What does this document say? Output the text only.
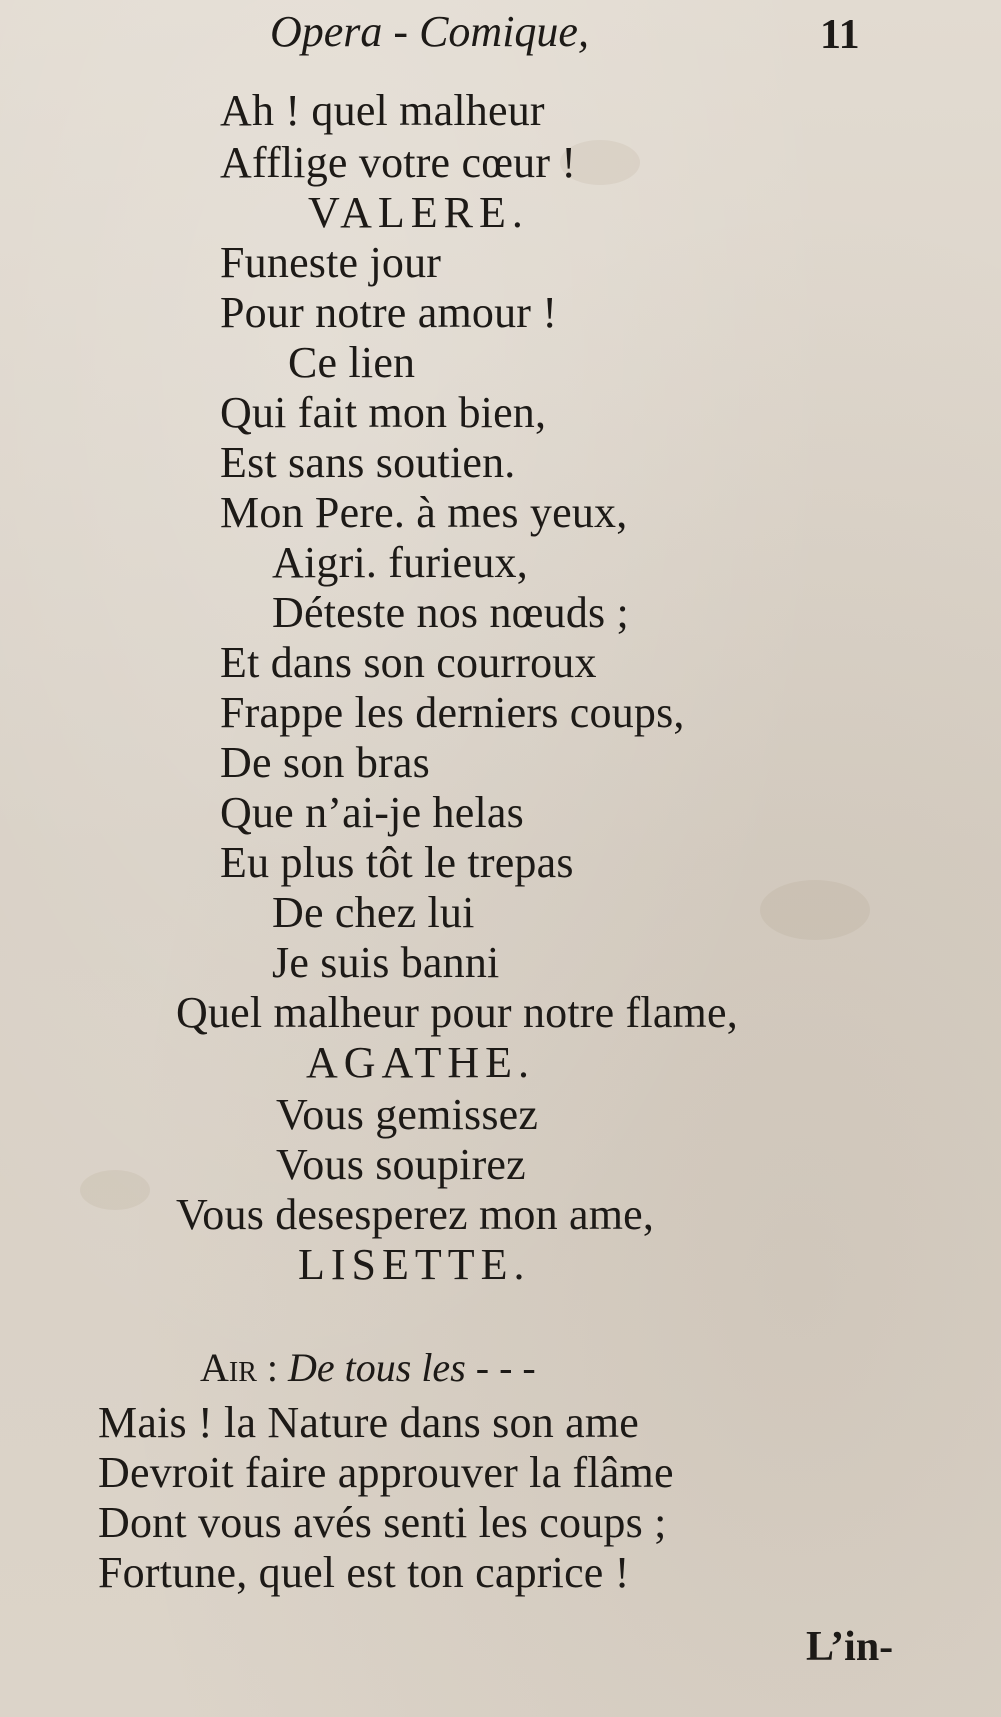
Opera - Comique,	11
Ah ! quel malheur
Afflige votre cœur !
VALERE.
Funeste jour
Pour notre amour !
Ce lien
Qui fait mon bien,
Est sans soutien.
Mon Pere. à mes yeux,
Aigri. furieux,
Déteste nos nœuds ;
Et dans son courroux
Frappe les derniers coups,
De son bras
Que n’ai-je helas
Eu plus tôt le trepas
De chez lui
Je suis banni
Quel malheur pour notre flame,
AGATHE.
Vous gemissez
Vous soupirez
Vous desesperez mon ame,
LISETTE.
Air : De tous les - - -
Mais ! la Nature dans son ame
Devroit faire approuver la flâme
Dont vous avés senti les coups ;
Fortune, quel est ton caprice !
L’in-
